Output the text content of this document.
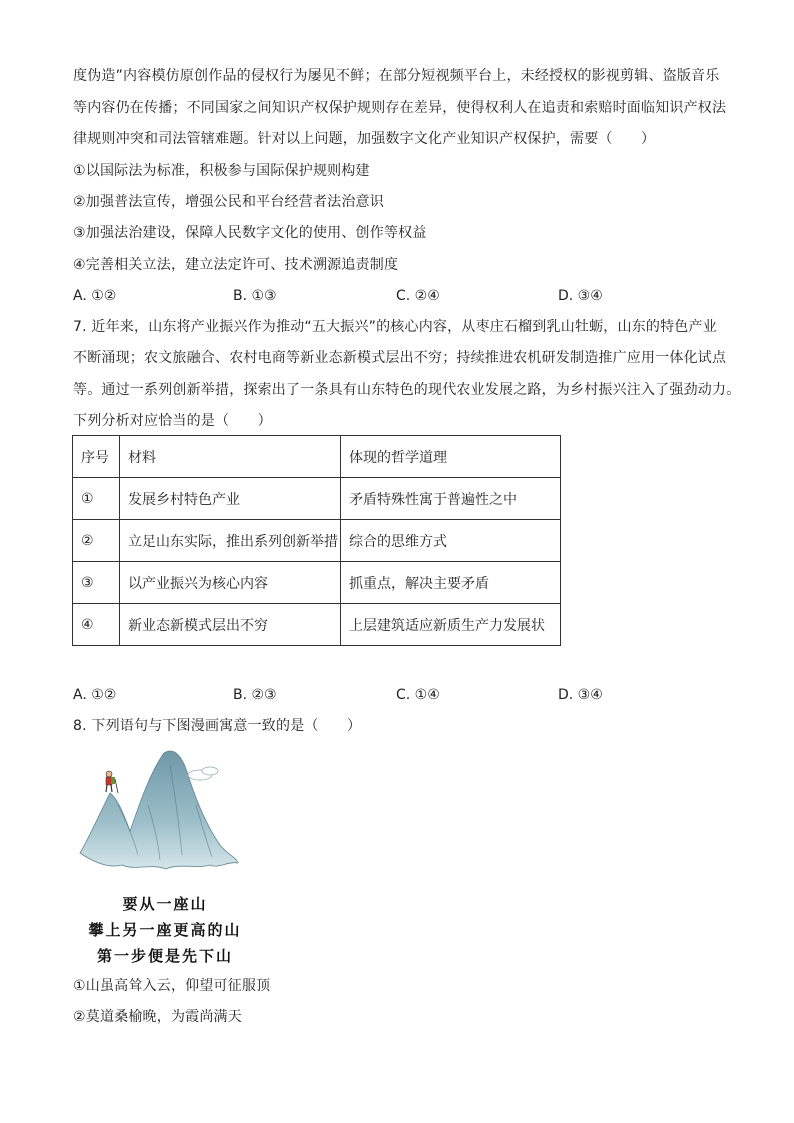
度伪造”内容模仿原创作品的侵权行为屡见不鲜；在部分短视频平台上，未经授权的影视剪辑、盗版音乐
等内容仍在传播；不同国家之间知识产权保护规则存在差异，使得权利人在追责和索赔时面临知识产权法
律规则冲突和司法管辖难题。针对以上问题，加强数字文化产业知识产权保护，需要（　　）
①以国际法为标准，积极参与国际保护规则构建
②加强普法宣传，增强公民和平台经营者法治意识
③加强法治建设，保障人民数字文化的使用、创作等权益
④完善相关立法，建立法定许可、技术溯源追责制度
A. ①②	B. ①③	C. ②④	D. ③④
7. 近年来，山东将产业振兴作为推动“五大振兴”的核心内容，从枣庄石榴到乳山牡蛎，山东的特色产业
不断涌现；农文旅融合、农村电商等新业态新模式层出不穷；持续推进农机研发制造推广应用一体化试点
等。通过一系列创新举措，探索出了一条具有山东特色的现代农业发展之路，为乡村振兴注入了强劲动力。
下列分析对应恰当的是（　　）
序号	材料	体现的哲学道理
①	发展乡村特色产业	矛盾特殊性寓于普遍性之中
②	立足山东实际，推出系列创新举措	综合的思维方式
③	以产业振兴为核心内容	抓重点，解决主要矛盾
④	新业态新模式层出不穷	上层建筑适应新质生产力发展状
A. ①②	B. ②③	C. ①④	D. ③④
8. 下列语句与下图漫画寓意一致的是（　　）
要从一座山
攀上另一座更高的山
第一步便是先下山
①山虽高耸入云，仰望可征服顶
②莫道桑榆晚，为霞尚满天
